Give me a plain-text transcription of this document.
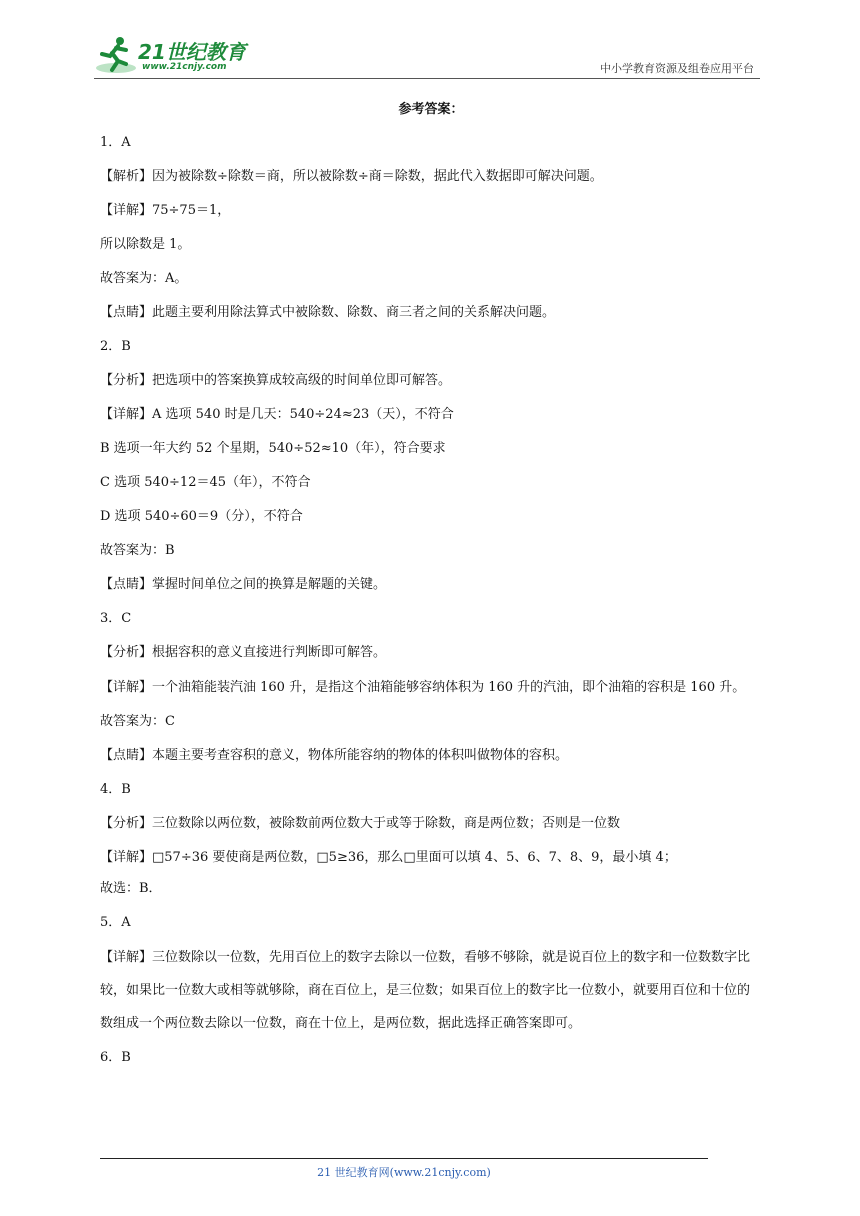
21世纪教育
www.21cnjy.com	中小学教育资源及组卷应用平台
参考答案：

1．A

【解析】因为被除数÷除数＝商，所以被除数÷商＝除数，据此代入数据即可解决问题。

【详解】75÷75＝1，

所以除数是 1。

故答案为：A。

【点睛】此题主要利用除法算式中被除数、除数、商三者之间的关系解决问题。

2．B

【分析】把选项中的答案换算成较高级的时间单位即可解答。

【详解】A 选项 540 时是几天：540÷24≈23（天），不符合

B 选项一年大约 52 个星期，540÷52≈10（年），符合要求

C 选项 540÷12＝45（年），不符合

D 选项 540÷60＝9（分），不符合

故答案为：B

【点睛】掌握时间单位之间的换算是解题的关键。

3．C

【分析】根据容积的意义直接进行判断即可解答。

【详解】一个油箱能装汽油 160 升，是指这个油箱能够容纳体积为 160 升的汽油，即个油箱的容积是 160 升。

故答案为：C

【点睛】本题主要考查容积的意义，物体所能容纳的物体的体积叫做物体的容积。

4．B

【分析】三位数除以两位数，被除数前两位数大于或等于除数，商是两位数；否则是一位数

【详解】□57÷36 要使商是两位数，□5≥36，那么□里面可以填 4、5、6、7、8、9，最小填 4；

故选：B．

5．A

【详解】三位数除以一位数，先用百位上的数字去除以一位数，看够不够除，就是说百位上的数字和一位数数字比较，如果比一位数大或相等就够除，商在百位上，是三位数；如果百位上的数字比一位数小，就要用百位和十位的数组成一个两位数去除以一位数，商在十位上，是两位数，据此选择正确答案即可。

6．B

21 世纪教育网(www.21cnjy.com)
